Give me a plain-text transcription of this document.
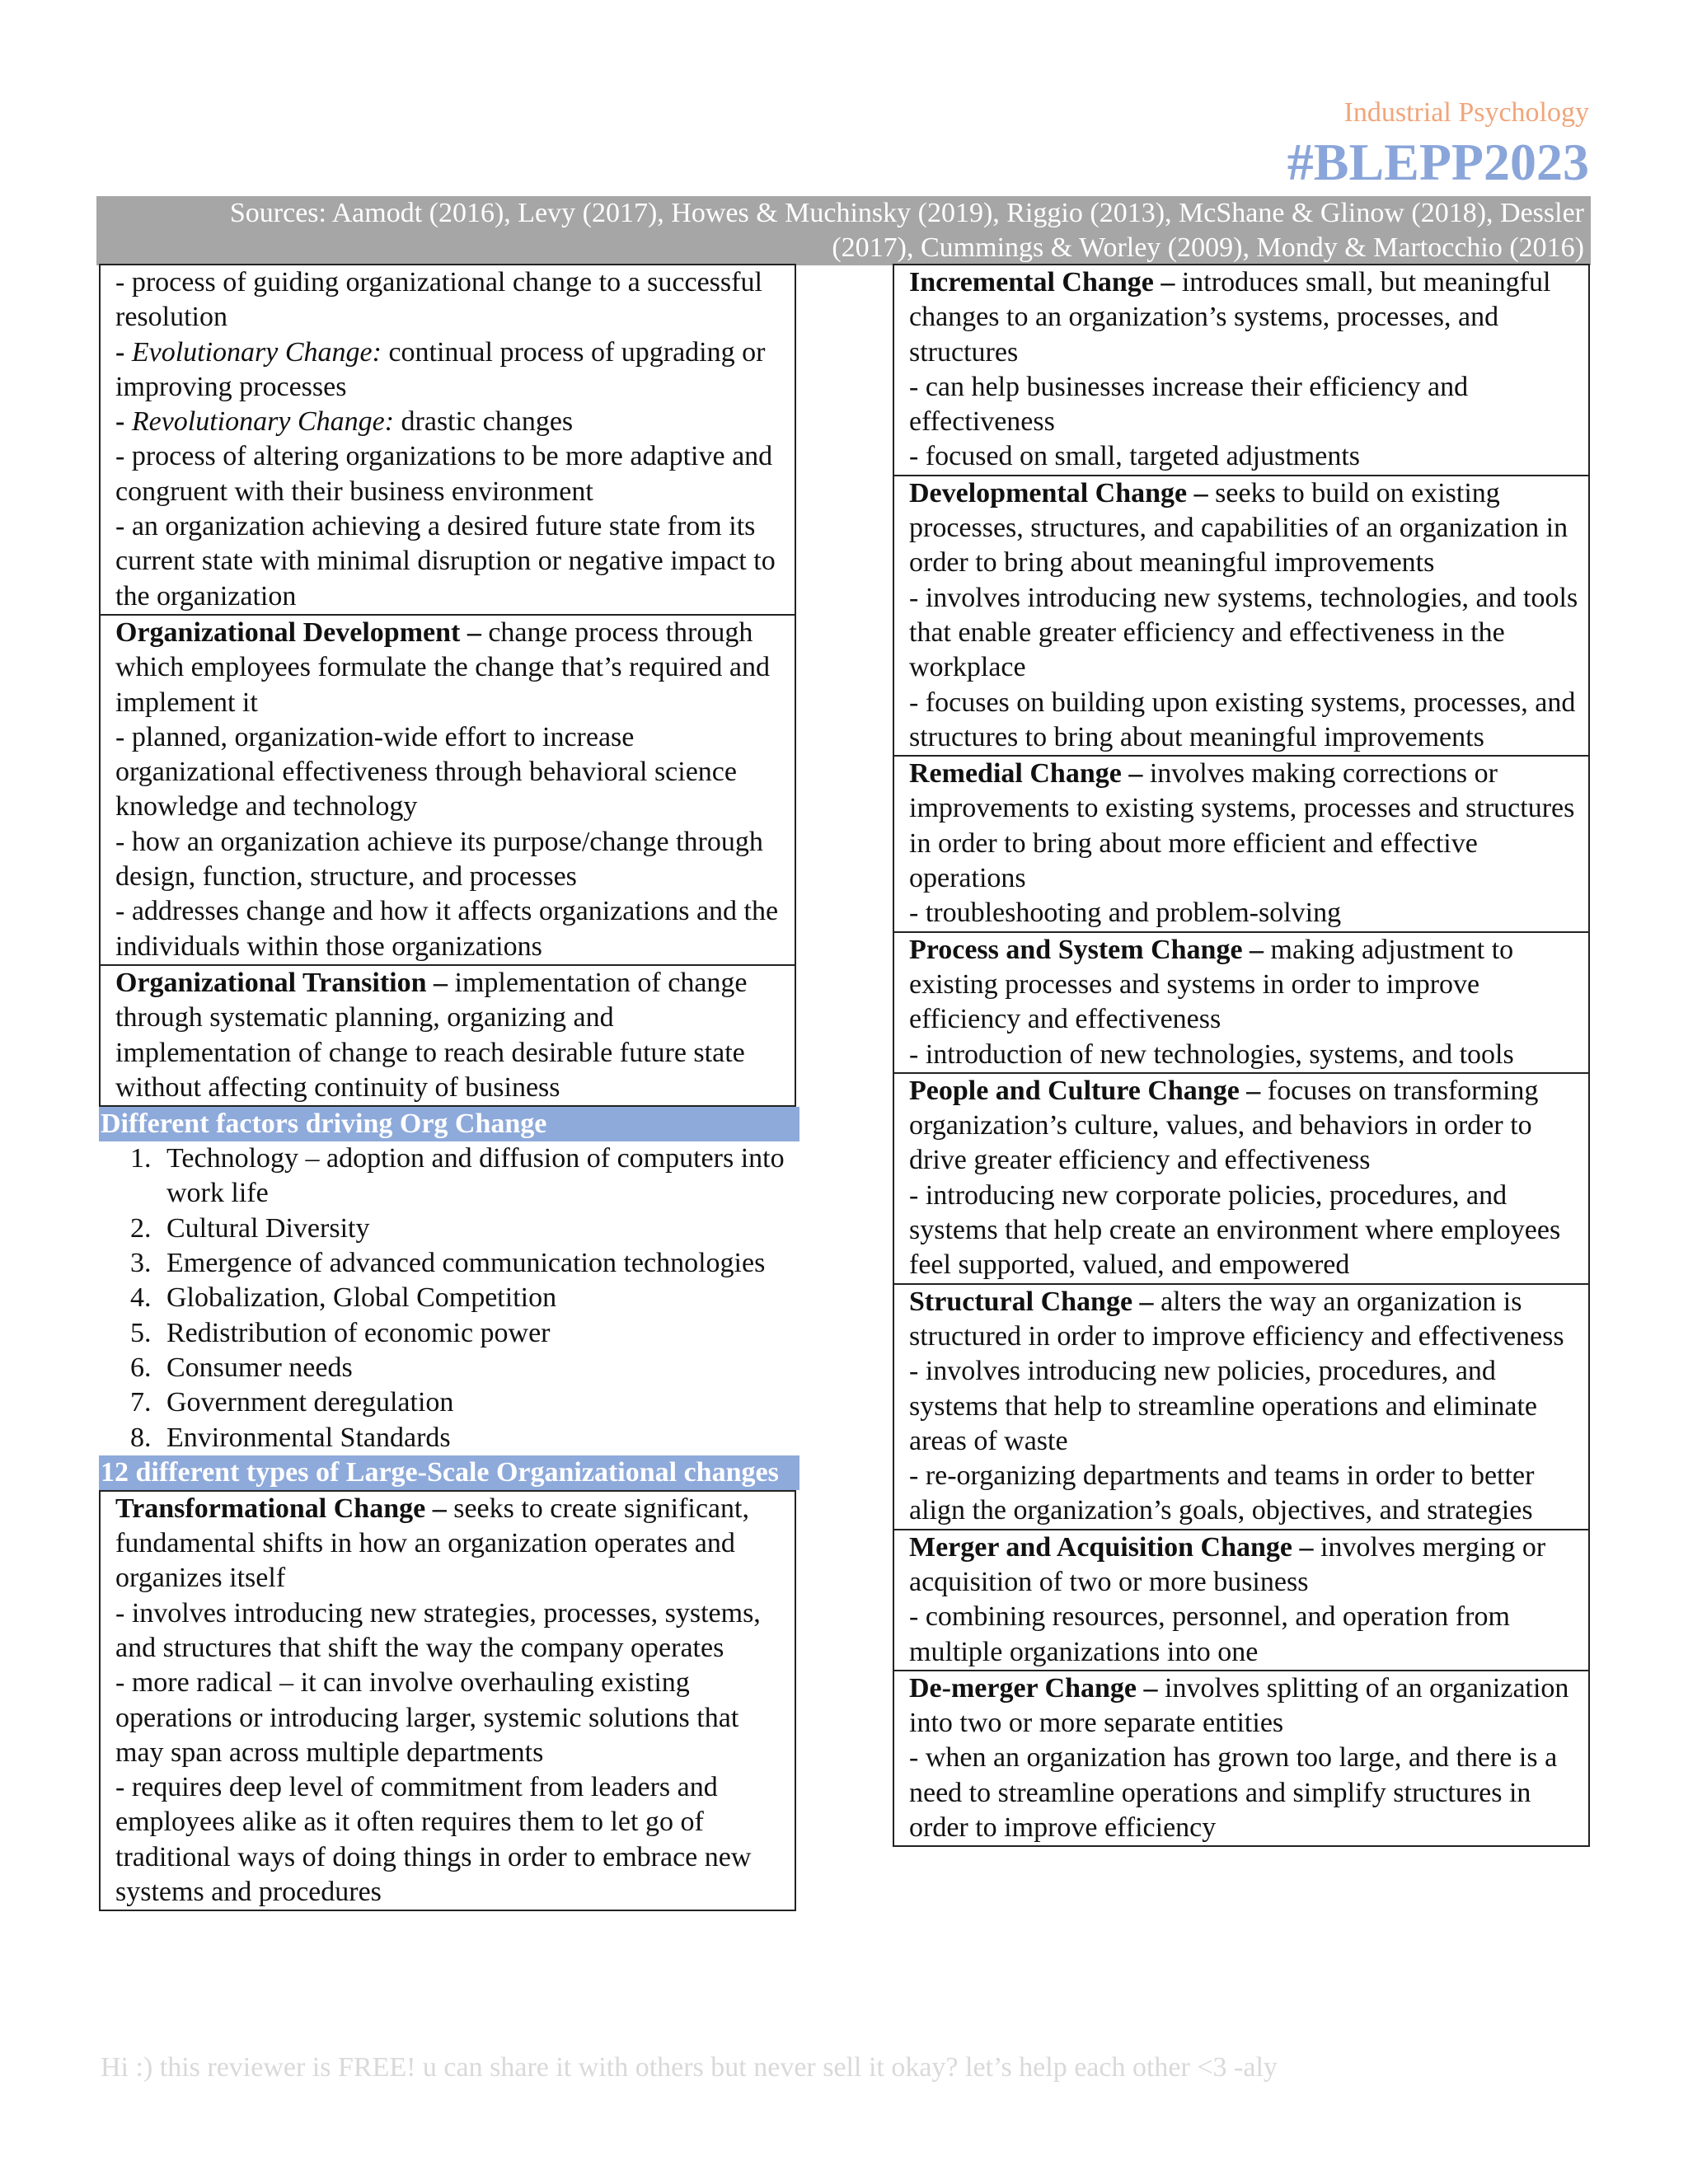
Industrial Psychology

#BLEPP2023

Sources: Aamodt (2016), Levy (2017), Howes & Muchinsky (2019), Riggio (2013), McShane & Glinow (2018), Dessler (2017), Cummings & Worley (2009), Mondy & Martocchio (2016)

- process of guiding organizational change to a successful resolution

- Evolutionary Change: continual process of upgrading or improving processes

- Revolutionary Change: drastic changes

- process of altering organizations to be more adaptive and congruent with their business environment

- an organization achieving a desired future state from its current state with minimal disruption or negative impact to the organization

Organizational Development – change process through which employees formulate the change that’s required and implement it

- planned, organization-wide effort to increase organizational effectiveness through behavioral science knowledge and technology

- how an organization achieve its purpose/change through design, function, structure, and processes

- addresses change and how it affects organizations and the individuals within those organizations

Organizational Transition – implementation of change through systematic planning, organizing and implementation of change to reach desirable future state without affecting continuity of business

Different factors driving Org Change
1. Technology – adoption and diffusion of computers into work life
2. Cultural Diversity
3. Emergence of advanced communication technologies
4. Globalization, Global Competition
5. Redistribution of economic power
6. Consumer needs
7. Government deregulation
8. Environmental Standards
12 different types of Large-Scale Organizational changes

Transformational Change – seeks to create significant, fundamental shifts in how an organization operates and organizes itself

- involves introducing new strategies, processes, systems, and structures that shift the way the company operates

- more radical – it can involve overhauling existing operations or introducing larger, systemic solutions that may span across multiple departments

- requires deep level of commitment from leaders and employees alike as it often requires them to let go of traditional ways of doing things in order to embrace new systems and procedures

Incremental Change – introduces small, but meaningful changes to an organization’s systems, processes, and structures

- can help businesses increase their efficiency and effectiveness

- focused on small, targeted adjustments

Developmental Change – seeks to build on existing processes, structures, and capabilities of an organization in order to bring about meaningful improvements

- involves introducing new systems, technologies, and tools that enable greater efficiency and effectiveness in the workplace

- focuses on building upon existing systems, processes, and structures to bring about meaningful improvements

Remedial Change – involves making corrections or improvements to existing systems, processes and structures in order to bring about more efficient and effective operations

- troubleshooting and problem-solving

Process and System Change – making adjustment to existing processes and systems in order to improve efficiency and effectiveness

- introduction of new technologies, systems, and tools

People and Culture Change – focuses on transforming organization’s culture, values, and behaviors in order to drive greater efficiency and effectiveness

- introducing new corporate policies, procedures, and systems that help create an environment where employees feel supported, valued, and empowered

Structural Change – alters the way an organization is structured in order to improve efficiency and effectiveness

- involves introducing new policies, procedures, and systems that help to streamline operations and eliminate areas of waste

- re-organizing departments and teams in order to better align the organization’s goals, objectives, and strategies

Merger and Acquisition Change – involves merging or acquisition of two or more business

- combining resources, personnel, and operation from multiple organizations into one

De-merger Change – involves splitting of an organization into two or more separate entities

- when an organization has grown too large, and there is a need to streamline operations and simplify structures in order to improve efficiency

Hi :) this reviewer is FREE! u can share it with others but never sell it okay? let’s help each other <3 -aly
